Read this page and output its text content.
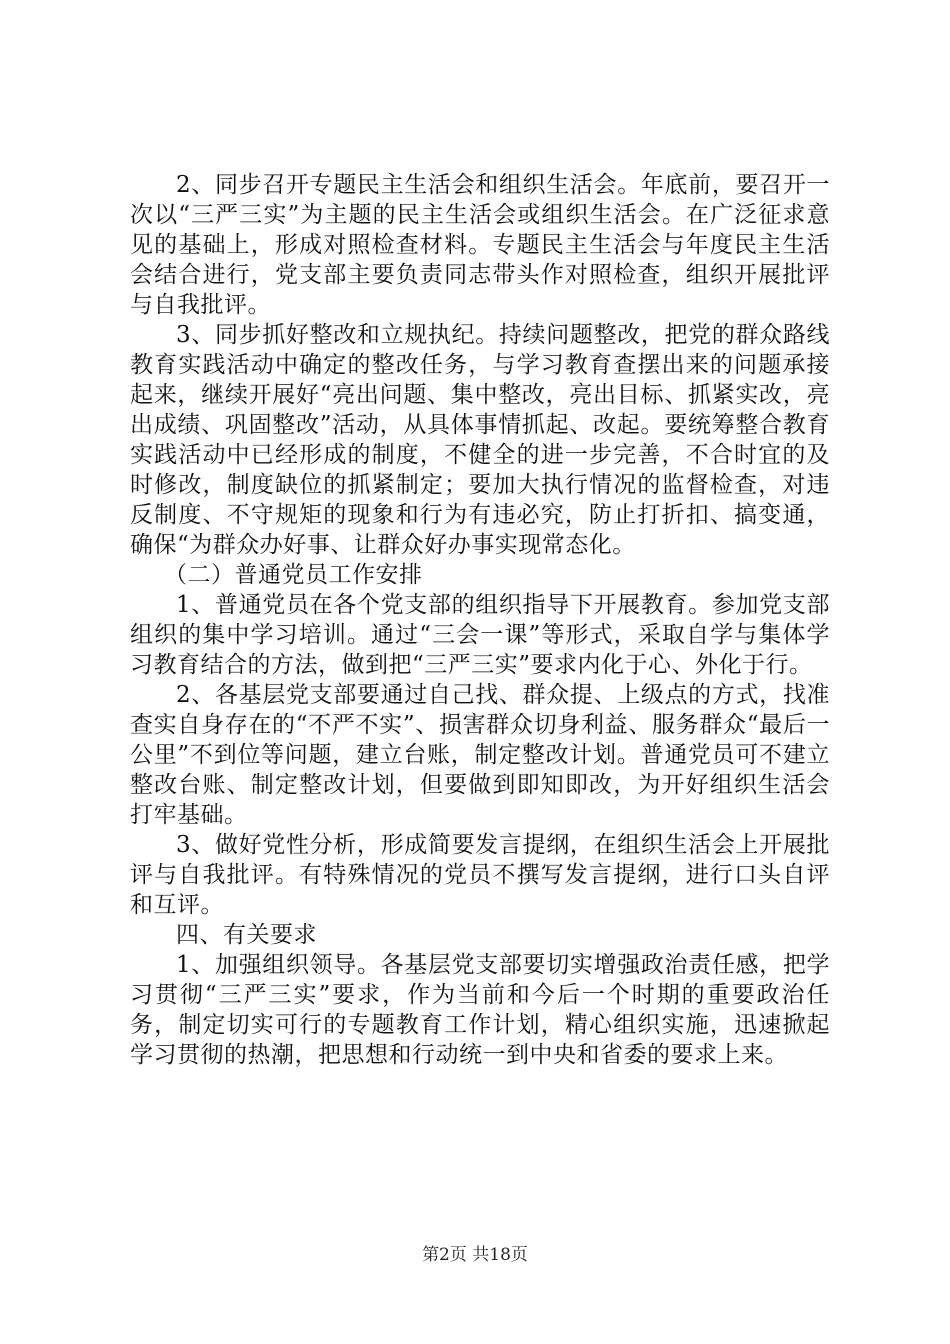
2、同步召开专题民主生活会和组织生活会。年底前，要召开一次以“三严三实”为主题的民主生活会或组织生活会。在广泛征求意见的基础上，形成对照检查材料。专题民主生活会与年度民主生活会结合进行，党支部主要负责同志带头作对照检查，组织开展批评与自我批评。

3、同步抓好整改和立规执纪。持续问题整改，把党的群众路线教育实践活动中确定的整改任务，与学习教育查摆出来的问题承接起来，继续开展好“亮出问题、集中整改，亮出目标、抓紧实改，亮出成绩、巩固整改”活动，从具体事情抓起、改起。要统筹整合教育实践活动中已经形成的制度，不健全的进一步完善，不合时宜的及时修改，制度缺位的抓紧制定；要加大执行情况的监督检查，对违反制度、不守规矩的现象和行为有违必究，防止打折扣、搞变通，确保“为群众办好事、让群众好办事实现常态化。

（二）普通党员工作安排

1、普通党员在各个党支部的组织指导下开展教育。参加党支部组织的集中学习培训。通过“三会一课”等形式，采取自学与集体学习教育结合的方法，做到把“三严三实”要求内化于心、外化于行。

2、各基层党支部要通过自己找、群众提、上级点的方式，找准查实自身存在的“不严不实”、损害群众切身利益、服务群众“最后一公里”不到位等问题，建立台账，制定整改计划。普通党员可不建立整改台账、制定整改计划，但要做到即知即改，为开好组织生活会打牢基础。

3、做好党性分析，形成简要发言提纲，在组织生活会上开展批评与自我批评。有特殊情况的党员不撰写发言提纲，进行口头自评和互评。

四、有关要求

1、加强组织领导。各基层党支部要切实增强政治责任感，把学习贯彻“三严三实”要求，作为当前和今后一个时期的重要政治任务，制定切实可行的专题教育工作计划，精心组织实施，迅速掀起学习贯彻的热潮，把思想和行动统一到中央和省委的要求上来。

第2页 共18页
